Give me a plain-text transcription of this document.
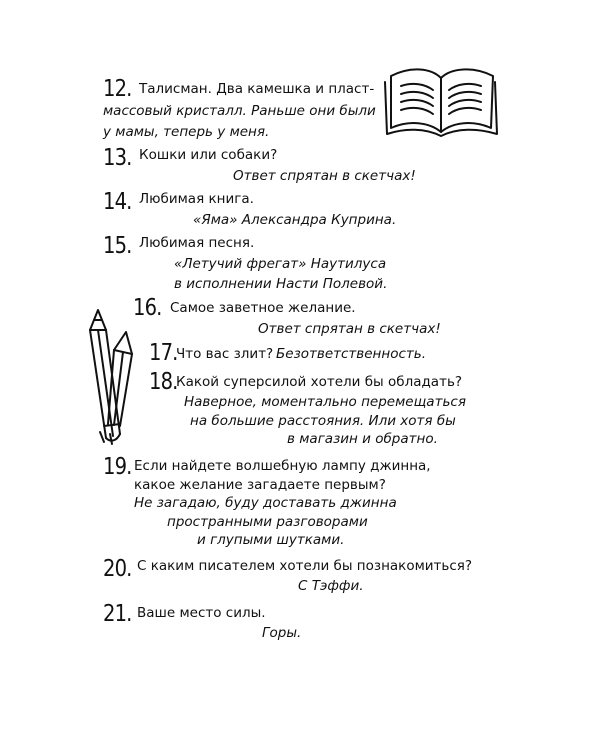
12. Талисман. Два камешка и пласт-
массовый кристалл. Раньше они были
у мамы, теперь у меня.
13. Кошки или собаки?
Ответ спрятан в скетчах!
14. Любимая книга.
«Яма» Александра Куприна.
15. Любимая песня.
«Летучий фрегат» Наутилуса
в исполнении Насти Полевой.
16. Самое заветное желание.
Ответ спрятан в скетчах!
17.
Что вас злит? Безответственность.
18.
Какой суперсилой хотели бы обладать?
Наверное, моментально перемещаться
на большие расстояния. Или хотя бы
в магазин и обратно.
19. Если найдете волшебную лампу джинна,
какое желание загадаете первым?
Не загадаю, буду доставать джинна
пространными разговорами
и глупыми шутками.
20. С каким писателем хотели бы познакомиться?
С Тэффи.
21. Ваше место силы.
Горы.
